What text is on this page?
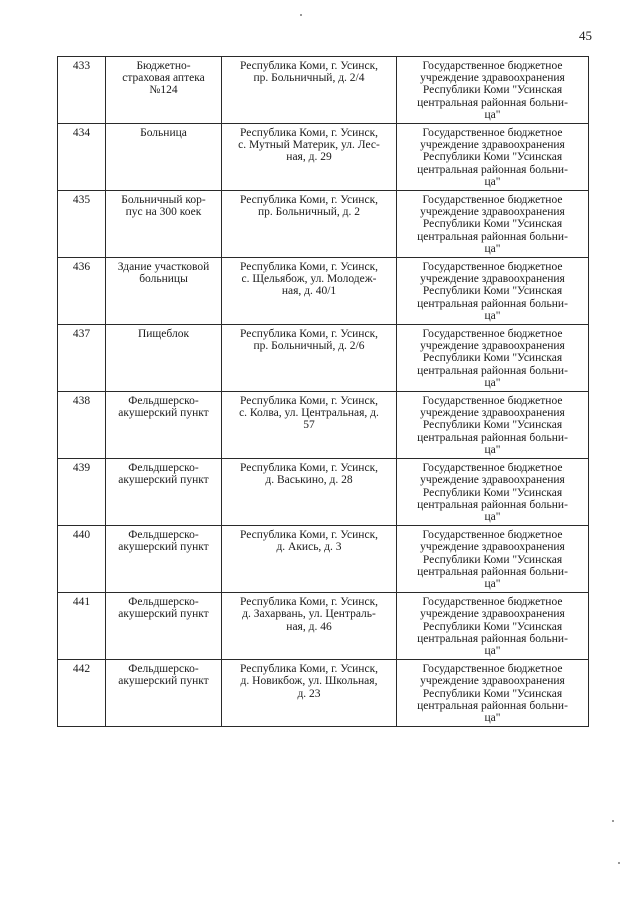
45
433	Бюджетно-
страховая аптека
№124	Республика Коми, г. Усинск,
пр. Больничный, д. 2/4	Государственное бюджетное
учреждение здравоохранения
Республики Коми "Усинская
центральная районная больни-
ца"

434	Больница	Республика Коми, г. Усинск,
с. Мутный Материк, ул. Лес-
ная, д. 29	Государственное бюджетное
учреждение здравоохранения
Республики Коми "Усинская
центральная районная больни-
ца"

435	Больничный кор-
пус на 300 коек	Республика Коми, г. Усинск,
пр. Больничный, д. 2	Государственное бюджетное
учреждение здравоохранения
Республики Коми "Усинская
центральная районная больни-
ца"

436	Здание участковой
больницы	Республика Коми, г. Усинск,
с. Щельябож, ул. Молодеж-
ная, д. 40/1	Государственное бюджетное
учреждение здравоохранения
Республики Коми "Усинская
центральная районная больни-
ца"

437	Пищеблок	Республика Коми, г. Усинск,
пр. Больничный, д. 2/6	Государственное бюджетное
учреждение здравоохранения
Республики Коми "Усинская
центральная районная больни-
ца"

438	Фельдшерско-
акушерский пункт	Республика Коми, г. Усинск,
с. Колва, ул. Центральная, д.
57	Государственное бюджетное
учреждение здравоохранения
Республики Коми "Усинская
центральная районная больни-
ца"

439	Фельдшерско-
акушерский пункт	Республика Коми, г. Усинск,
д. Васькино, д. 28	Государственное бюджетное
учреждение здравоохранения
Республики Коми "Усинская
центральная районная больни-
ца"

440	Фельдшерско-
акушерский пункт	Республика Коми, г. Усинск,
д. Акись, д. 3	Государственное бюджетное
учреждение здравоохранения
Республики Коми "Усинская
центральная районная больни-
ца"

441	Фельдшерско-
акушерский пункт	Республика Коми, г. Усинск,
д. Захарвань, ул. Централь-
ная, д. 46	Государственное бюджетное
учреждение здравоохранения
Республики Коми "Усинская
центральная районная больни-
ца"

442	Фельдшерско-
акушерский пункт	Республика Коми, г. Усинск,
д. Новикбож, ул. Школьная,
д. 23	Государственное бюджетное
учреждение здравоохранения
Республики Коми "Усинская
центральная районная больни-
ца"
